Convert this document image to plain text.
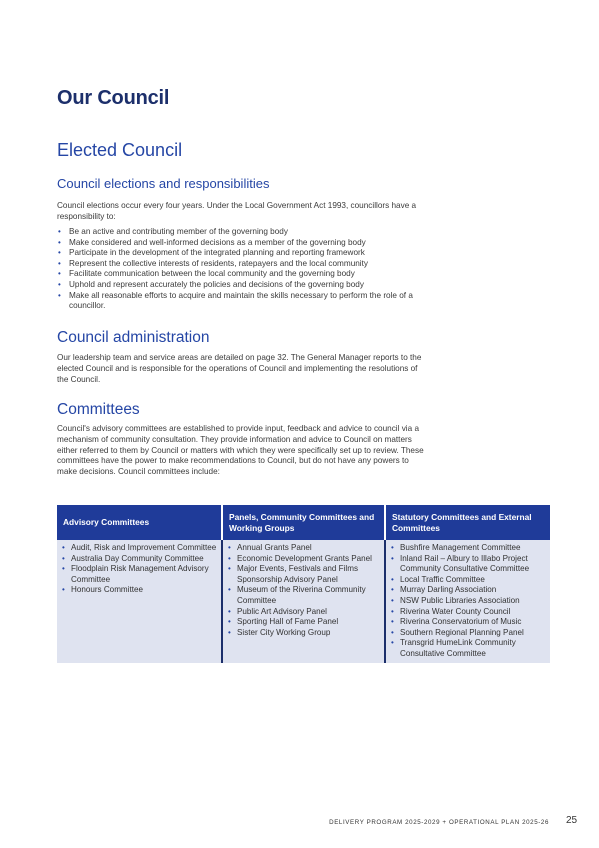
Our Council
Elected Council
Council elections and responsibilities

Council elections occur every four years. Under the Local Government Act 1993, councillors have a responsibility to:

• Be an active and contributing member of the governing body
• Make considered and well-informed decisions as a member of the governing body
• Participate in the development of the integrated planning and reporting framework
• Represent the collective interests of residents, ratepayers and the local community
• Facilitate communication between the local community and the governing body
• Uphold and represent accurately the policies and decisions of the governing body
• Make all reasonable efforts to acquire and maintain the skills necessary to perform the role of a councillor.
Council administration

Our leadership team and service areas are detailed on page 32. The General Manager reports to the elected Council and is responsible for the operations of Council and implementing the resolutions of the Council.

Committees

Council's advisory committees are established to provide input, feedback and advice to council via a mechanism of community consultation. They provide information and advice to Council on matters either referred to them by Council or matters with which they were specifically set up to review. These committees have the power to make recommendations to Council, but do not have any powers to make decisions. Council committees include:

Advisory Committees
• Audit, Risk and Improvement Committee
• Australia Day Community Committee
• Floodplain Risk Management Advisory Committee
• Honours Committee
Panels, Community Committees and Working Groups
• Annual Grants Panel
• Economic Development Grants Panel
• Major Events, Festivals and Films Sponsorship Advisory Panel
• Museum of the Riverina Community Committee
• Public Art Advisory Panel
• Sporting Hall of Fame Panel
• Sister City Working Group
Statutory Committees and External Committees
• Bushfire Management Committee
• Inland Rail – Albury to Illabo Project Community Consultative Committee
• Local Traffic Committee
• Murray Darling Association
• NSW Public Libraries Association
• Riverina Water County Council
• Riverina Conservatorium of Music
• Southern Regional Planning Panel
• Transgrid HumeLink Community Consultative Committee
DELIVERY PROGRAM 2025-2029 + OPERATIONAL PLAN 2025-26 25
